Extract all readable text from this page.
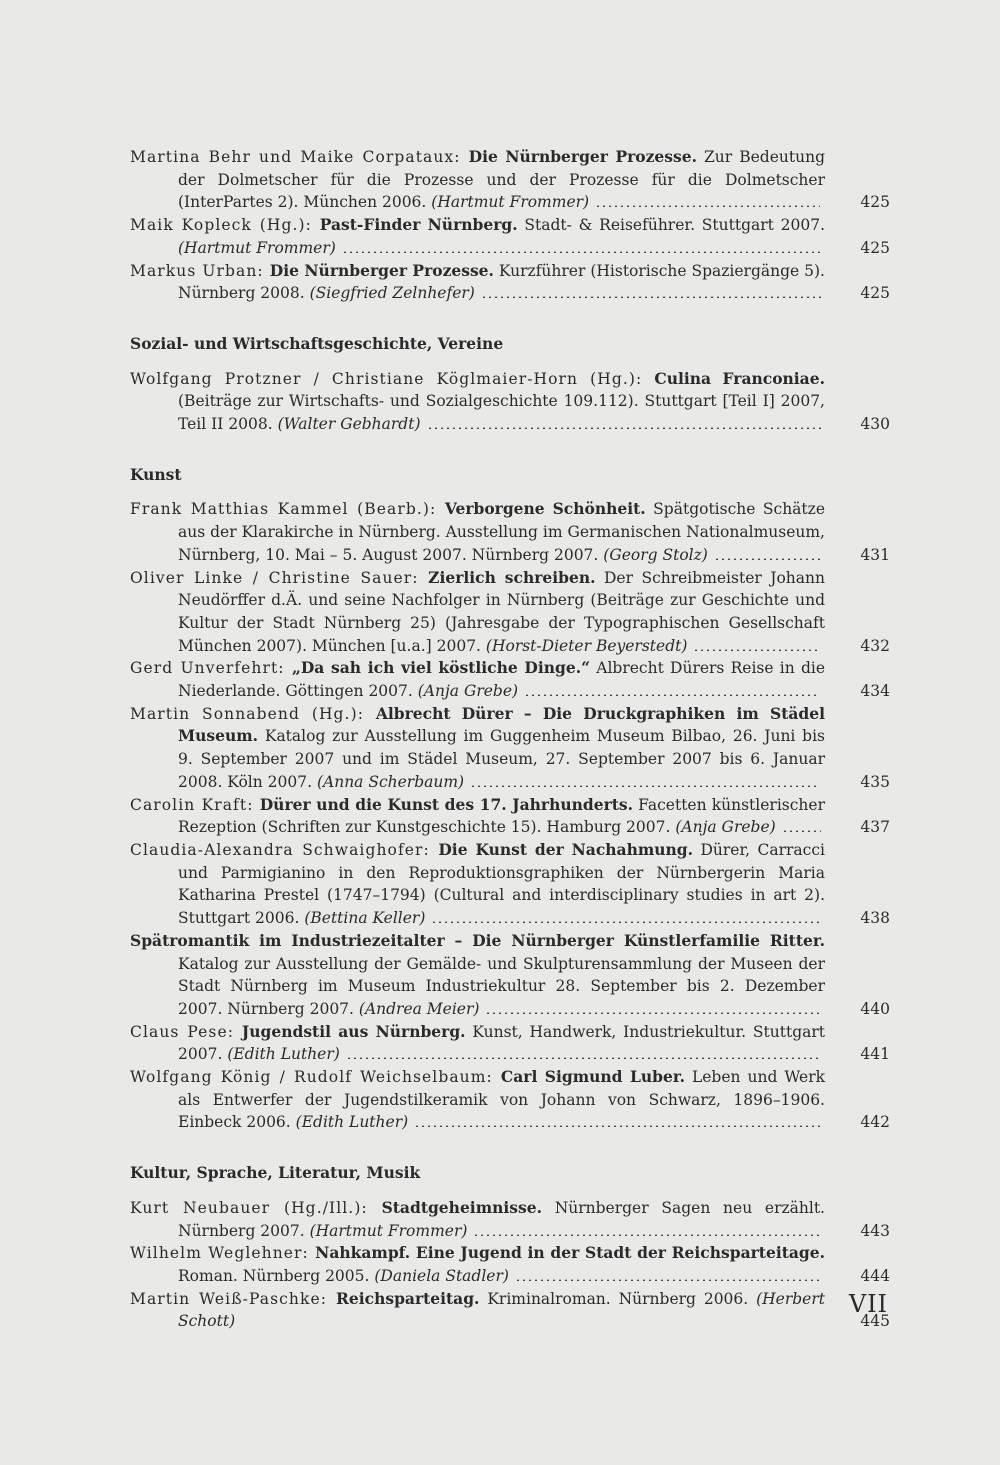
Martina Behr und Maike Corpataux: Die Nürnberger Prozesse. Zur Bedeutung der Dolmetscher für die Prozesse und der Prozesse für die Dolmetscher (InterPartes 2). München 2006. (Hartmut Frommer)	425
Maik Kopleck (Hg.): Past-Finder Nürnberg. Stadt- & Reiseführer. Stuttgart 2007. (Hartmut Frommer)	425
Markus Urban: Die Nürnberger Prozesse. Kurzführer (Historische Spaziergänge 5). Nürnberg 2008. (Siegfried Zelnhefer)	425
Sozial- und Wirtschaftsgeschichte, Vereine
Wolfgang Protzner / Christiane Köglmaier-Horn (Hg.): Culina Franconiae. (Beiträge zur Wirtschafts- und Sozialgeschichte 109.112). Stuttgart [Teil I] 2007, Teil II 2008. (Walter Gebhardt)	430
Kunst
Frank Matthias Kammel (Bearb.): Verborgene Schönheit. Spätgotische Schätze aus der Klarakirche in Nürnberg. Ausstellung im Germanischen Nationalmuseum, Nürnberg, 10. Mai – 5. August 2007. Nürnberg 2007. (Georg Stolz)	431
Oliver Linke / Christine Sauer: Zierlich schreiben. Der Schreibmeister Johann Neudörffer d.Ä. und seine Nachfolger in Nürnberg (Beiträge zur Geschichte und Kultur der Stadt Nürnberg 25) (Jahresgabe der Typographischen Gesellschaft München 2007). München [u.a.] 2007. (Horst-Dieter Beyerstedt)	432
Gerd Unverfehrt: „Da sah ich viel köstliche Dinge.“ Albrecht Dürers Reise in die Niederlande. Göttingen 2007. (Anja Grebe)	434
Martin Sonnabend (Hg.): Albrecht Dürer – Die Druckgraphiken im Städel Museum. Katalog zur Ausstellung im Guggenheim Museum Bilbao, 26. Juni bis 9. September 2007 und im Städel Museum, 27. September 2007 bis 6. Januar 2008. Köln 2007. (Anna Scherbaum)	435
Carolin Kraft: Dürer und die Kunst des 17. Jahrhunderts. Facetten künstlerischer Rezeption (Schriften zur Kunstgeschichte 15). Hamburg 2007. (Anja Grebe)	437
Claudia-Alexandra Schwaighofer: Die Kunst der Nachahmung. Dürer, Carracci und Parmigianino in den Reproduktionsgraphiken der Nürnbergerin Maria Katharina Prestel (1747–1794) (Cultural and interdisciplinary studies in art 2). Stuttgart 2006. (Bettina Keller)	438
Spätromantik im Industriezeitalter – Die Nürnberger Künstlerfamilie Ritter. Katalog zur Ausstellung der Gemälde- und Skulpturensammlung der Museen der Stadt Nürnberg im Museum Industriekultur 28. September bis 2. Dezember 2007. Nürnberg 2007. (Andrea Meier)	440
Claus Pese: Jugendstil aus Nürnberg. Kunst, Handwerk, Industriekultur. Stuttgart 2007. (Edith Luther)	441
Wolfgang König / Rudolf Weichselbaum: Carl Sigmund Luber. Leben und Werk als Entwerfer der Jugendstilkeramik von Johann von Schwarz, 1896–1906. Einbeck 2006. (Edith Luther)	442
Kultur, Sprache, Literatur, Musik
Kurt Neubauer (Hg./Ill.): Stadtgeheimnisse. Nürnberger Sagen neu erzählt. Nürnberg 2007. (Hartmut Frommer)	443
Wilhelm Weglehner: Nahkampf. Eine Jugend in der Stadt der Reichsparteitage. Roman. Nürnberg 2005. (Daniela Stadler)	444
Martin Weiß-Paschke: Reichsparteitag. Kriminalroman. Nürnberg 2006. (Herbert Schott)	445
VII
